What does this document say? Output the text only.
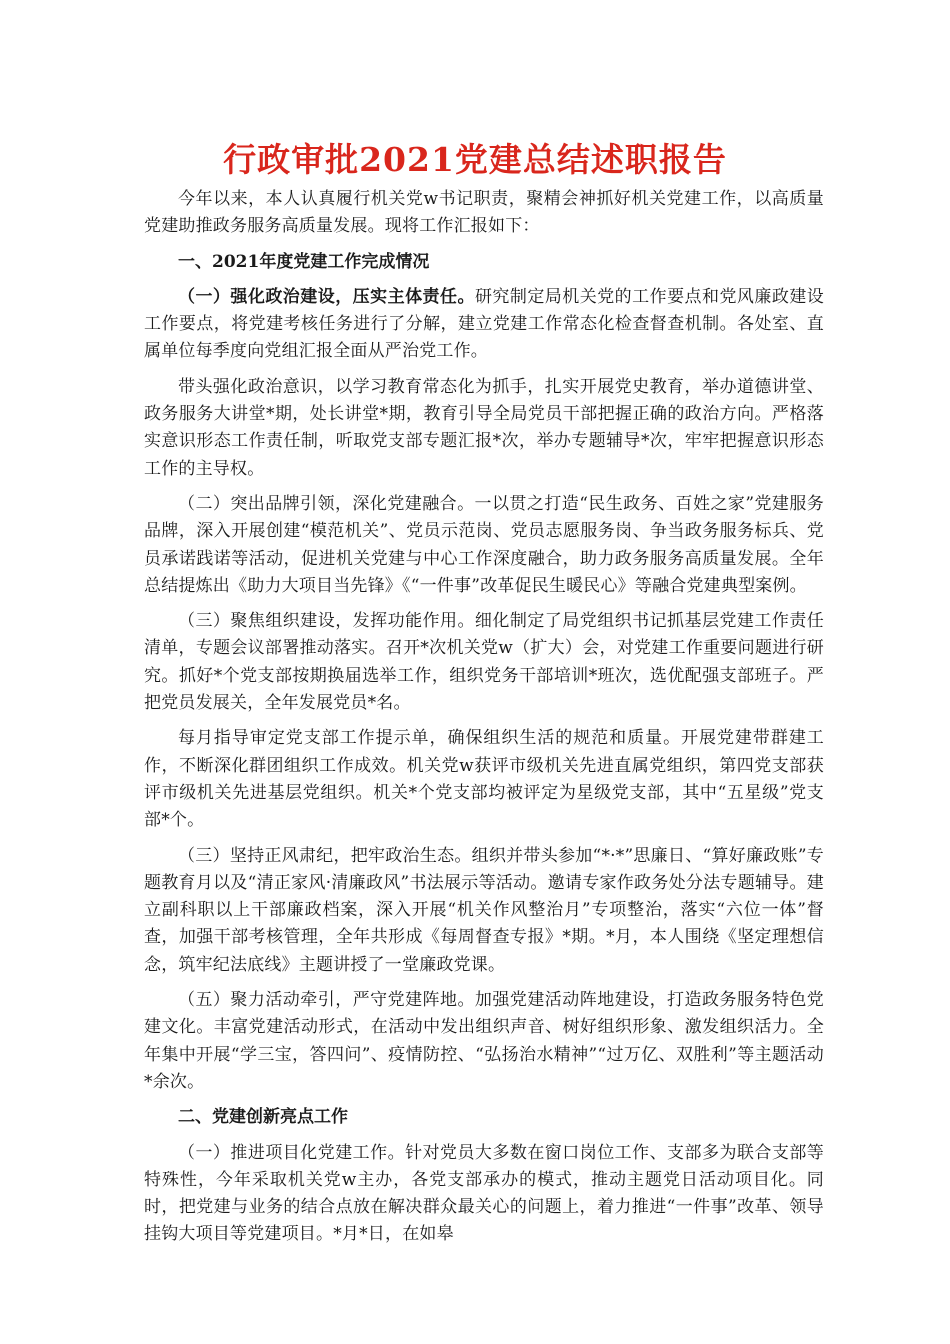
行政审批2021党建总结述职报告

今年以来，本人认真履行机关党w书记职责，聚精会神抓好机关党建工作，以高质量党建助推政务服务高质量发展。现将工作汇报如下：

一、2021年度党建工作完成情况

（一）强化政治建设，压实主体责任。研究制定局机关党的工作要点和党风廉政建设工作要点，将党建考核任务进行了分解，建立党建工作常态化检查督查机制。各处室、直属单位每季度向党组汇报全面从严治党工作。

带头强化政治意识，以学习教育常态化为抓手，扎实开展党史教育，举办道德讲堂、政务服务大讲堂*期，处长讲堂*期，教育引导全局党员干部把握正确的政治方向。严格落实意识形态工作责任制，听取党支部专题汇报*次，举办专题辅导*次，牢牢把握意识形态工作的主导权。

（二）突出品牌引领，深化党建融合。一以贯之打造“民生政务、百姓之家”党建服务品牌，深入开展创建“模范机关”、党员示范岗、党员志愿服务岗、争当政务服务标兵、党员承诺践诺等活动，促进机关党建与中心工作深度融合，助力政务服务高质量发展。全年总结提炼出《助力大项目当先锋》《“一件事”改革促民生暖民心》等融合党建典型案例。

（三）聚焦组织建设，发挥功能作用。细化制定了局党组织书记抓基层党建工作责任清单，专题会议部署推动落实。召开*次机关党w（扩大）会，对党建工作重要问题进行研究。抓好*个党支部按期换届选举工作，组织党务干部培训*班次，选优配强支部班子。严把党员发展关，全年发展党员*名。

每月指导审定党支部工作提示单，确保组织生活的规范和质量。开展党建带群建工作，不断深化群团组织工作成效。机关党w获评市级机关先进直属党组织，第四党支部获评市级机关先进基层党组织。机关*个党支部均被评定为星级党支部，其中“五星级”党支部*个。

（三）坚持正风肃纪，把牢政治生态。组织并带头参加“*·*”思廉日、“算好廉政账”专题教育月以及“清正家风·清廉政风”书法展示等活动。邀请专家作政务处分法专题辅导。建立副科职以上干部廉政档案，深入开展“机关作风整治月”专项整治，落实“六位一体”督查，加强干部考核管理，全年共形成《每周督查专报》*期。*月，本人围绕《坚定理想信念，筑牢纪法底线》主题讲授了一堂廉政党课。

（五）聚力活动牵引，严守党建阵地。加强党建活动阵地建设，打造政务服务特色党建文化。丰富党建活动形式，在活动中发出组织声音、树好组织形象、激发组织活力。全年集中开展“学三宝，答四问”、疫情防控、“弘扬治水精神”“过万亿、双胜利”等主题活动*余次。

二、党建创新亮点工作

（一）推进项目化党建工作。针对党员大多数在窗口岗位工作、支部多为联合支部等特殊性，今年采取机关党w主办，各党支部承办的模式，推动主题党日活动项目化。同时，把党建与业务的结合点放在解决群众最关心的问题上，着力推进“一件事”改革、领导挂钩大项目等党建项目。*月*日，在如皋
